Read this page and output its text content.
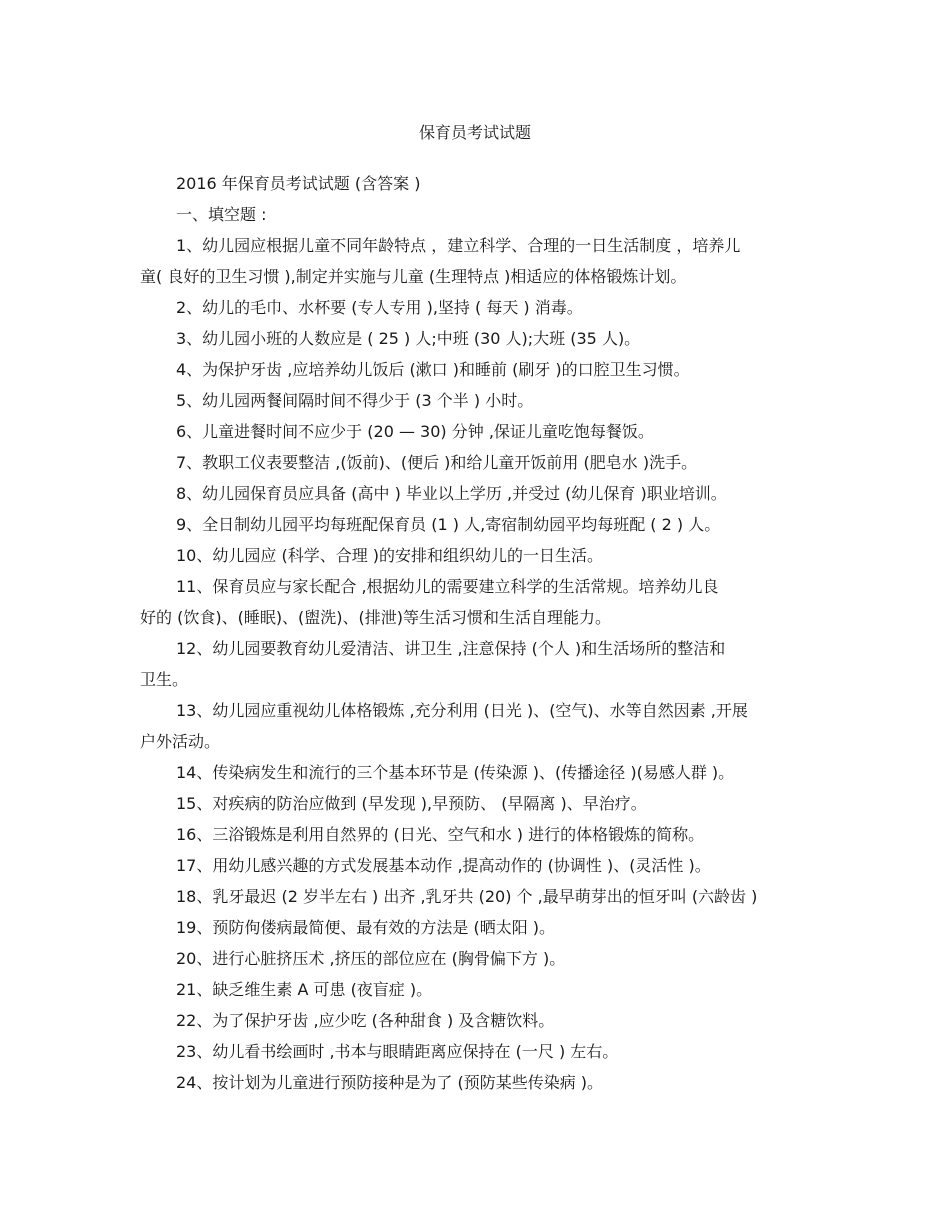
保育员考试试题
2016 年保育员考试试题 (含答案 )
一、填空题 :
1、幼儿园应根据儿童不同年龄特点 ，建立科学、合理的一日生活制度 ，培养儿
童( 良好的卫生习惯 ),制定并实施与儿童 (生理特点 )相适应的体格锻炼计划。
2、幼儿的毛巾、水杯要 (专人专用 ),坚持 ( 每天 ) 消毒。
3、幼儿园小班的人数应是 ( 25 ) 人;中班 (30 人);大班 (35 人)。
4、为保护牙齿 ,应培养幼儿饭后 (漱口 )和睡前 (刷牙 )的口腔卫生习惯。
5、幼儿园两餐间隔时间不得少于 (3 个半 ) 小时。
6、儿童进餐时间不应少于 (20 — 30) 分钟 ,保证儿童吃饱每餐饭。
7、教职工仪表要整洁 ,(饭前)、(便后 )和给儿童开饭前用 (肥皂水 )洗手。
8、幼儿园保育员应具备 (高中 ) 毕业以上学历 ,并受过 (幼儿保育 )职业培训。
9、全日制幼儿园平均每班配保育员 (1 ) 人,寄宿制幼园平均每班配 ( 2 ) 人。
10、幼儿园应 (科学、合理 )的安排和组织幼儿的一日生活。
11、保育员应与家长配合 ,根据幼儿的需要建立科学的生活常规。培养幼儿良
好的 (饮食)、(睡眠)、(盥洗)、(排泄)等生活习惯和生活自理能力。
12、幼儿园要教育幼儿爱清洁、讲卫生 ,注意保持 (个人 )和生活场所的整洁和
卫生。
13、幼儿园应重视幼儿体格锻炼 ,充分利用 (日光 )、(空气)、水等自然因素 ,开展
户外活动。
14、传染病发生和流行的三个基本环节是 (传染源 )、(传播途径 )(易感人群 )。
15、对疾病的防治应做到 (早发现 ),早预防、 (早隔离 )、早治疗。
16、三浴锻炼是利用自然界的 (日光、空气和水 ) 进行的体格锻炼的简称。
17、用幼儿感兴趣的方式发展基本动作 ,提高动作的 (协调性 )、(灵活性 )。
18、乳牙最迟 (2 岁半左右 ) 出齐 ,乳牙共 (20) 个 ,最早萌芽出的恒牙叫 (六龄齿 )
19、预防佝偻病最简便、最有效的方法是 (晒太阳 )。
20、进行心脏挤压术 ,挤压的部位应在 (胸骨偏下方 )。
21、缺乏维生素 A 可患 (夜盲症 )。
22、为了保护牙齿 ,应少吃 (各种甜食 ) 及含糖饮料。
23、幼儿看书绘画时 ,书本与眼睛距离应保持在 (一尺 ) 左右。
24、按计划为儿童进行预防接种是为了 (预防某些传染病 )。
